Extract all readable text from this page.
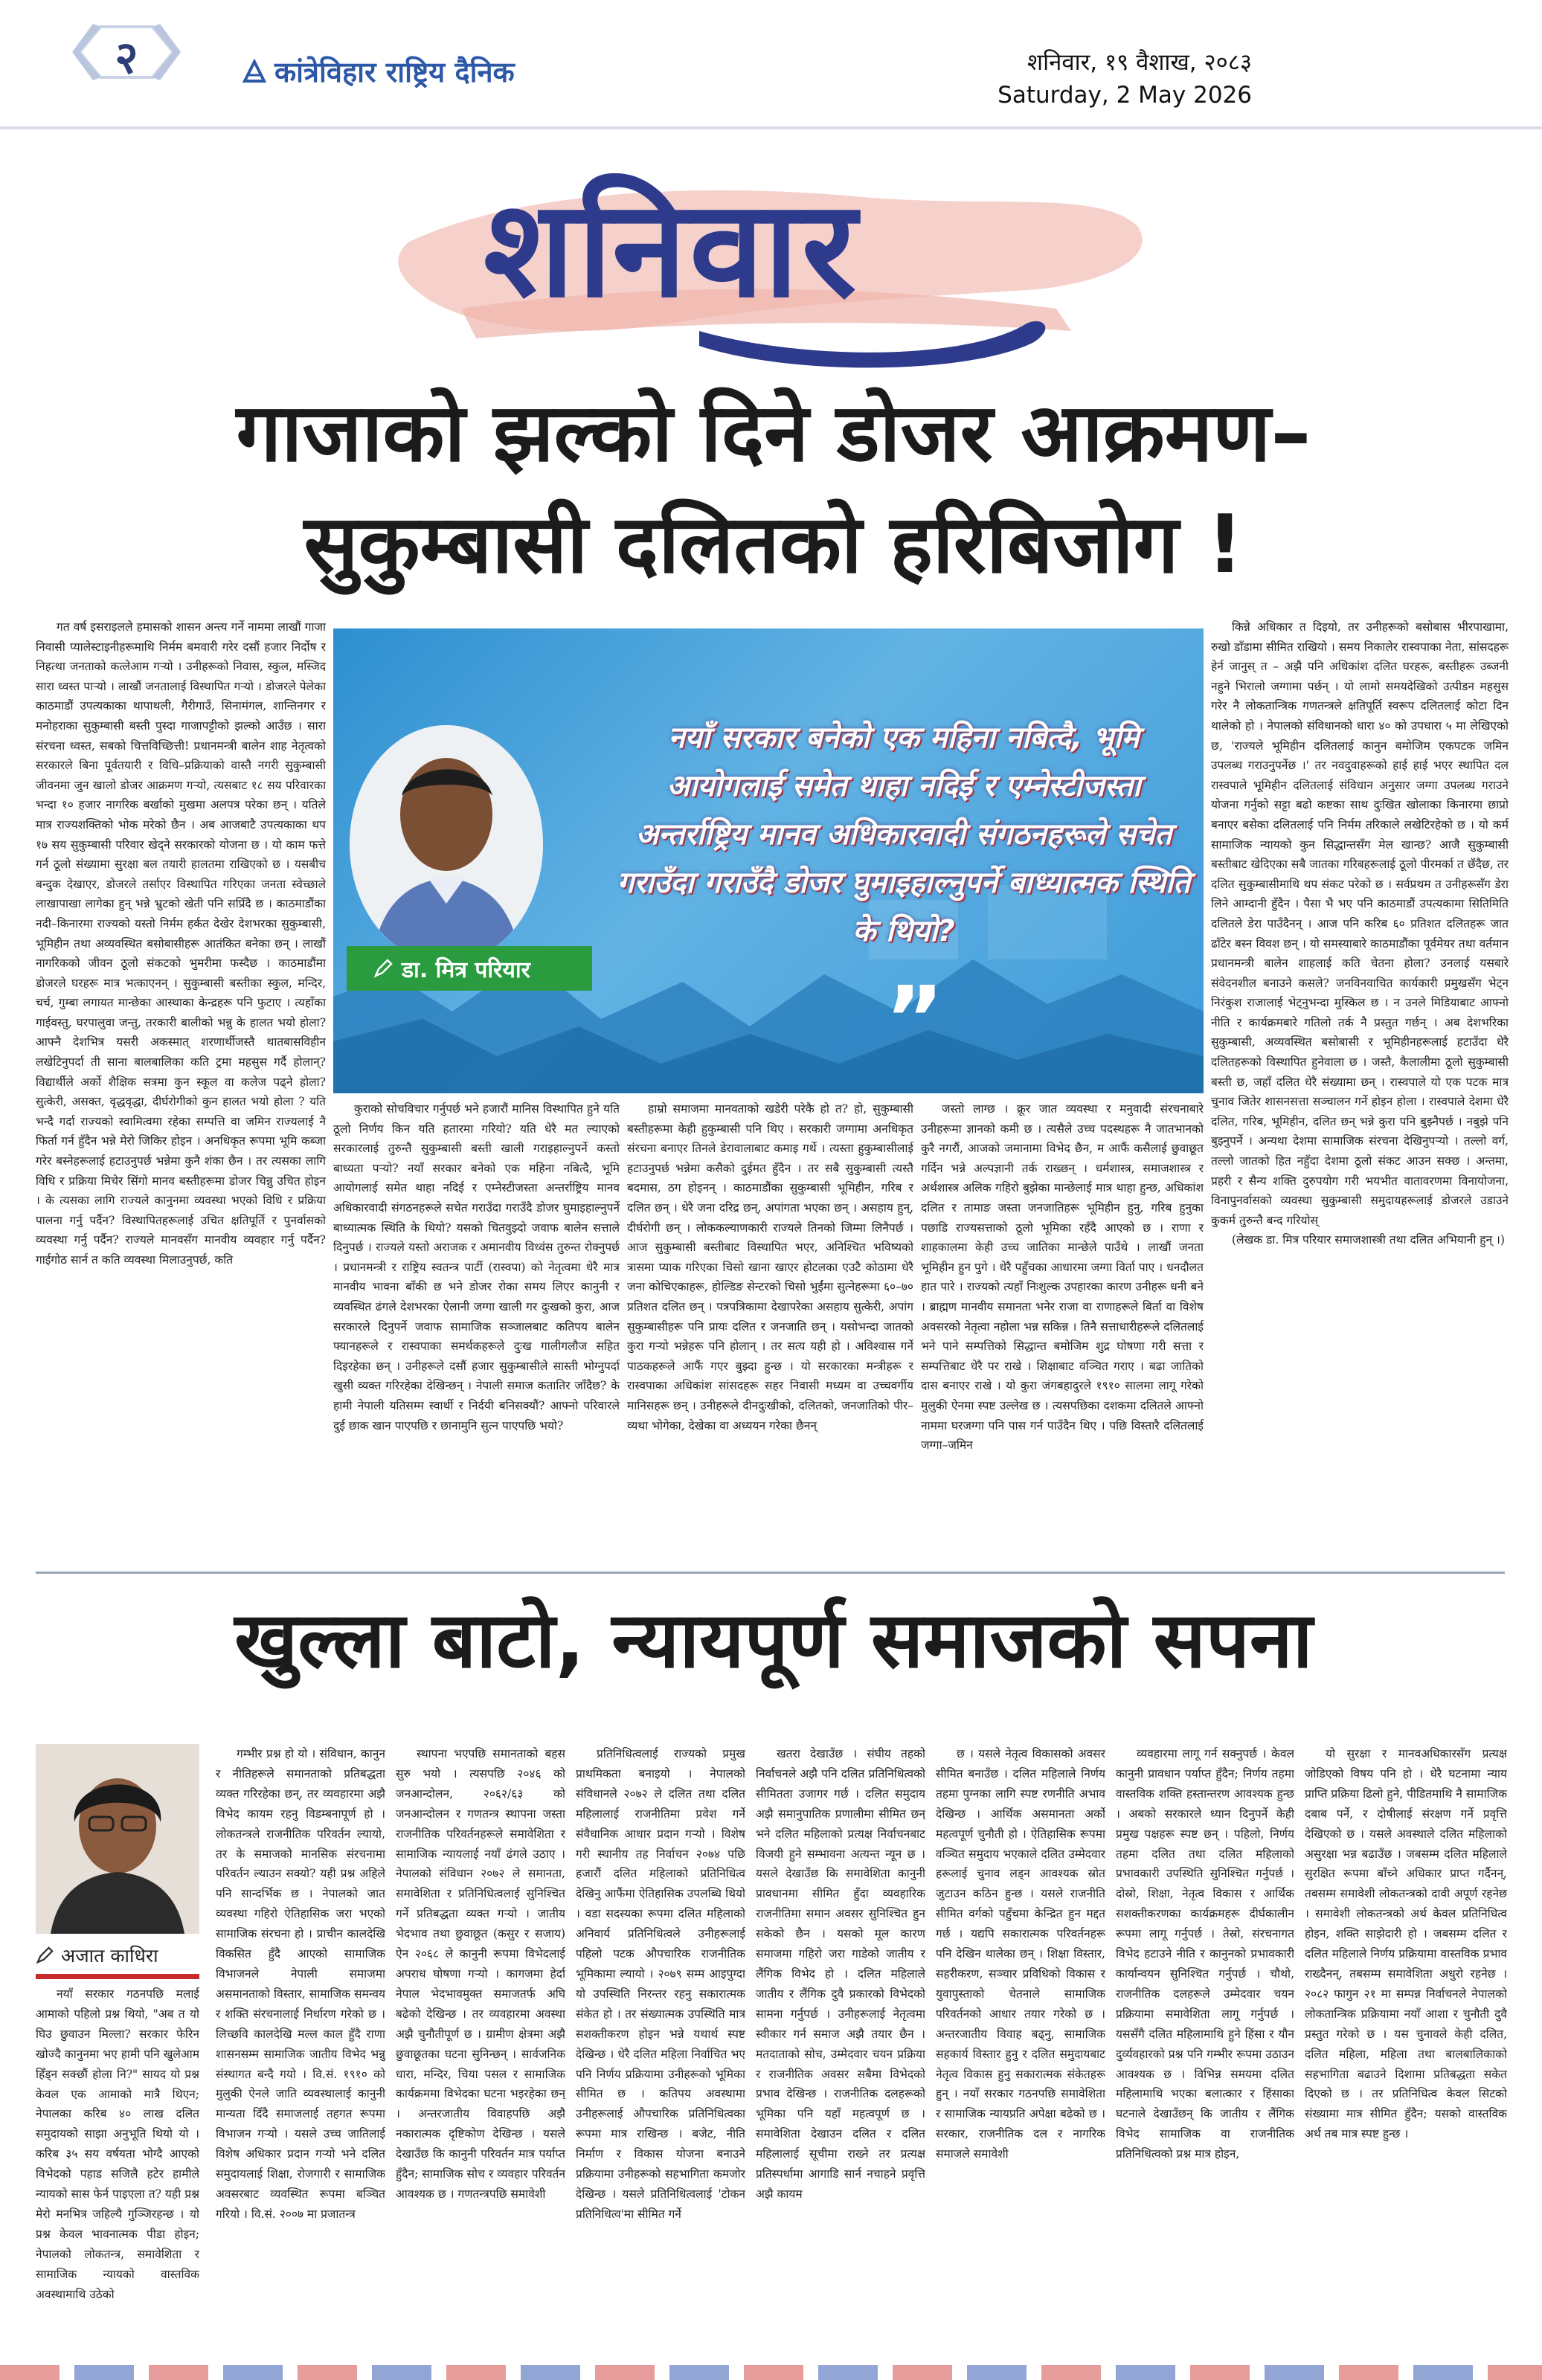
२	कांत्रेविहार राष्ट्रिय दैनिक	शनिवार, १९ वैशाख, २०८३
Saturday, 2 May 2026
शनिवार
गाजाको झल्को दिने डोजर आक्रमण–
सुकुम्बासी दलितको हरिबिजोग !

गत वर्ष इसराइलले हमासको शासन अन्त्य गर्ने नाममा लाखौं गाजा निवासी प्यालेस्टाइनीहरूमाथि निर्मम बमवारी गरेर दसौं हजार निर्दोष र निहत्था जनताको कत्लेआम गर्‍यो । उनीहरूको निवास, स्कुल, मस्जिद सारा ध्वस्त पार्‍यो । लाखौं जनतालाई विस्थापित गर्‍यो । डोजरले पेलेका काठमाडौं उपत्यकाका थापाथली, गैरीगाउँ, सिनामंगल, शान्तिनगर र मनोहराका सुकुम्बासी बस्ती पुस्दा गाजापट्टीको झल्को आउँछ । सारा संरचना ध्वस्त, सबको चित्तविच्छित्ती! प्रधानमन्त्री बालेन शाह नेतृत्वको सरकारले बिना पूर्वतयारी र विधि–प्रक्रियाको वास्तै नगरी सुकुम्बासी जीवनमा जुन खालो डोजर आक्रमण गर्‍यो, त्यसबाट १८ सय परिवारका भन्दा १० हजार नागरिक बर्खाको मुखमा अलपत्र परेका छन् । यतिले मात्र राज्यशक्तिको भोक मरेको छैन । अब आजबाटै उपत्यकाका थप १७ सय सुकुम्बासी परिवार खेद्ने सरकारको योजना छ । यो काम फत्ते गर्न ठूलो संख्यामा सुरक्षा बल तयारी हालतमा राखिएको छ । यसबीच बन्दुक देखाएर, डोजरले तर्साएर विस्थापित गरिएका जनता स्वेच्छाले लाखापाखा लागेका हुन् भन्ने भ्रुटको खेती पनि सप्रिँदै छ । काठमाडौंका नदी–किनारमा राज्यको यस्तो निर्मम हर्कत देखेर देशभरका सुकुम्बासी, भूमिहीन तथा अव्यवस्थित बसोबासीहरू आतंकित बनेका छन् । लाखौं नागरिकको जीवन ठूलो संकटको भुमरीमा फस्दैछ । काठमाडौंमा डोजरले घरहरू मात्र भत्काएनन् । सुकुम्बासी बस्तीका स्कुल, मन्दिर, चर्च, गुम्बा लगायत मान्छेका आस्थाका केन्द्रहरू पनि फुटाए । त्यहाँका गाईवस्तु, घरपालुवा जन्तु, तरकारी बालीको भन्नु के हालत भयो होला? आफ्नै देशभित्र यसरी अकस्मात् शरणार्थीजस्तै थातबासविहीन लखेटिनुपर्दा ती साना बालबालिका कति ट्रमा महसुस गर्दै होलान्? विद्यार्थीले अर्को शैक्षिक सत्रमा कुन स्कूल वा कलेज पढ्ने होला? सुत्केरी, असक्त, वृद्धवृद्धा, दीर्घरोगीको कुन हालत भयो होला ? यति भन्दै गर्दा राज्यको स्वामित्वमा रहेका सम्पत्ति वा जमिन राज्यलाई नै फिर्ता गर्न हुँदैन भन्ने मेरो जिकिर होइन । अनधिकृत रूपमा भूमि कब्जा गरेर बस्नेहरूलाई हटाउनुपर्छ भन्नेमा कुनै शंका छैन । तर त्यसका लागि विधि र प्रक्रिया मिचेर सिंगो मानव बस्तीहरूमा डोजर चिन्नु उचित होइन । के त्यसका लागि राज्यले कानुनमा व्यवस्था भएको विधि र प्रक्रिया पालना गर्नु पर्दैन? विस्थापितहरूलाई उचित क्षतिपूर्ति र पुनर्वासको व्यवस्था गर्नु पर्दैन? राज्यले मानवसँग मानवीय व्यवहार गर्नु पर्दैन? गाईगोठ सार्न त कति व्यवस्था मिलाउनुपर्छ, कति

कुराको सोचविचार गर्नुपर्छ भने हजारौं मानिस विस्थापित हुने यति ठूलो निर्णय किन यति हतारमा गरियो? यति धेरै मत ल्याएको सरकारलाई तुरुन्तै सुकुम्बासी बस्ती खाली गराइहाल्नुपर्ने कस्तो बाध्यता पर्‍यो? नयाँ सरकार बनेको एक महिना नबित्दै, भूमि आयोगलाई समेत थाहा नदिई र एम्नेस्टीजस्ता अन्तर्राष्ट्रिय मानव अधिकारवादी संगठनहरूले सचेत गराउँदा गराउँदै डोजर घुमाइहाल्नुपर्ने बाध्यात्मक स्थिति के थियो? यसको चितवुझ्दो जवाफ बालेन सत्ताले दिनुपर्छ । राज्यले यस्तो अराजक र अमानवीय विध्वंस तुरुन्त रोक्नुपर्छ । प्रधानमन्त्री र राष्ट्रिय स्वतन्त्र पार्टी (रास्वपा) को नेतृत्वमा धेरै मात्र मानवीय भावना बाँकी छ भने डोजर रोका समय लिएर कानुनी र व्यवस्थित ढंगले देशभरका ऐलानी जग्गा खाली गर दुःखको कुरा, आज सरकारले दिनुपर्ने जवाफ सामाजिक सञ्जालबाट कतिपय बालेन फ्यानहरूले र रास्वपाका समर्थकहरूले दुःख गालीगलौज सहित दिइरहेका छन् । उनीहरूले दसौं हजार सुकुम्बासीले सास्ती भोग्नुपर्दा खुसी व्यक्त गरिरहेका देखिन्छन् । नेपाली समाज कतातिर जाँदैछ? के हामी नेपाली यतिसम्म स्वार्थी र निर्दयी बनिसक्यौं? आफ्नो परिवारले दुई छाक खान पाएपछि र छानामुनि सुत्न पाएपछि भयो?

हाम्रो समाजमा मानवताको खडेरी परेकै हो त? हो, सुकुम्बासी बस्तीहरूमा केही हुकुम्बासी पनि थिए । सरकारी जग्गामा अनधिकृत संरचना बनाएर तिनले डेरावालाबाट कमाइ गर्थे । त्यस्ता हुकुम्बासीलाई हटाउनुपर्छ भन्नेमा कसैको दुईमत हुँदैन । तर सबै सुकुम्बासी त्यस्तै बदमास, ठग होइनन् । काठमाडौंका सुकुम्बासी भूमिहीन, गरिब र दलित छन् । धेरै जना दरिद्र छन्, अपांगता भएका छन् । असहाय हुन्, दीर्घरोगी छन् । लोककल्याणकारी राज्यले तिनको जिम्मा लिनैपर्छ । आज सुकुम्बासी बस्तीबाट विस्थापित भएर, अनिश्चित भविष्यको त्रासमा प्याक गरिएका चिसो खाना खाएर होटलका एउटै कोठामा धेरै जना कोचिएकाहरू, होल्डिङ सेन्टरको चिसो भुईंमा सुत्नेहरूमा ६०–७० प्रतिशत दलित छन् । पत्रपत्रिकामा देखापरेका असहाय सुत्केरी, अपांग सुकुम्बासीहरू पनि प्रायः दलित र जनजाति छन् । यसोभन्दा जातको कुरा गर्‍यो भन्नेहरू पनि होलान् । तर सत्य यही हो । अविश्वास गर्ने पाठकहरूले आफैं गएर बुझ्दा हुन्छ । यो सरकारका मन्त्रीहरू र रास्वपाका अधिकांश सांसदहरू सहर निवासी मध्यम वा उच्चवर्गीय मानिसहरू छन् । उनीहरूले दीनदुःखीको, दलितको, जनजातिको पीर–व्यथा भोगेका, देखेका वा अध्ययन गरेका छैनन्

जस्तो लाग्छ । क्रूर जात व्यवस्था र मनुवादी संरचनाबारे उनीहरूमा ज्ञानको कमी छ । त्यसैले उच्च पदस्थहरू नै जातभानको कुरै नगरौं, आजको जमानामा विभेद छैन, म आफैं कसैलाई छुवाछूत गर्दिन भन्ने अल्पज्ञानी तर्क राख्छन् । धर्मशास्त्र, समाजशास्त्र र अर्थशास्त्र अलिक गहिरो बुझेका मान्छेलाई मात्र थाहा हुन्छ, अधिकांश दलित र तामाङ जस्ता जनजातिहरू भूमिहीन हुनु, गरिब हुनुका पछाडि राज्यसत्ताको ठूलो भूमिका रहँदै आएको छ । राणा र शाहकालमा केही उच्च जातिका मान्छेले पाउँथे । लाखौं जनता भूमिहीन हुन पुगे । धेरै पहुँचका आधारमा जग्गा विर्ता पाए । धनदौलत हात पारे । राज्यको त्यहाँ निःशुल्क उपहारका कारण उनीहरू धनी बने । ब्राह्मण मानवीय समानता भनेर राजा वा राणाहरूले बिर्ता वा विशेष अवसरको नेतृत्वा नहोला भन्न सकिन्न । तिनै सत्ताधारीहरूले दलितलाई भने पाने सम्पत्तिको सिद्धान्त बमोजिम शुद्र घोषणा गरी सत्ता र सम्पत्तिबाट धेरै पर राखे । शिक्षाबाट वञ्चित गराए । बढा जातिको दास बनाएर राखे । यो कुरा जंगबहादुरले १९१० सालमा लागू गरेको मुलुकी ऐनमा स्पष्ट उल्लेख छ । त्यसपछिका दशकमा दलितले आफ्नो नाममा घरजग्गा पनि पास गर्न पाउँदैन थिए । पछि विस्तारै दलितलाई जग्गा–जमिन

किन्ने अधिकार त दिइयो, तर उनीहरूको बसोबास भीरपाखामा, रुखो डाँडामा सीमित राखियो । समय निकालेर रास्वपाका नेता, सांसदहरू हेर्न जानुस् त – अझै पनि अधिकांश दलित घरहरू, बस्तीहरू उब्जनी नहुने भिरालो जग्गामा पर्छन् । यो लामो समयदेखिको उत्पीडन महसुस गरेर नै लोकतान्त्रिक गणतन्त्रले क्षतिपूर्ति स्वरूप दलितलाई कोटा दिन थालेको हो । नेपालको संविधानको धारा ४० को उपधारा ५ मा लेखिएको छ, 'राज्यले भूमिहीन दलितलाई कानुन बमोजिम एकपटक जमिन उपलब्ध गराउनुपर्नेछ ।' तर नवदुवाहरूको हाई हाई भएर स्थापित दल रास्वपाले भूमिहीन दलितलाई संविधान अनुसार जग्गा उपलब्ध गराउने योजना गर्नुको सट्टा बढो कष्टका साथ दुःखित खोलाका किनारमा छाप्रो बनाएर बसेका दलितलाई पनि निर्मम तरिकाले लखेटिरहेको छ । यो कर्म सामाजिक न्यायको कुन सिद्धान्तसँग मेल खान्छ? आजै सुकुम्बासी बस्तीबाट खेदिएका सबै जातका गरिबहरूलाई ठूलो पीरमर्का त छँदैछ, तर दलित सुकुम्बासीमाथि थप संकट परेको छ । सर्वप्रथम त उनीहरूसँग डेरा लिने आम्दानी हुँदैन । पैसा भै भए पनि काठमाडौं उपत्यकामा सितिमिति दलितले डेरा पाउँदैनन् । आज पनि करिब ६० प्रतिशत दलितहरू जात ढाँटेर बस्न विवश छन् । यो समस्याबारे काठमाडौंका पूर्वमेयर तथा वर्तमान प्रधानमन्त्री बालेन शाहलाई कति चेतना होला? उनलाई यसबारे संवेदनशील बनाउने कसले? जनविनवाचित कार्यकारी प्रमुखसँग भेट्न निरंकुश राजालाई भेट्नुभन्दा मुस्किल छ । न उनले मिडियाबाट आफ्नो नीति र कार्यक्रमबारे गतिलो तर्क नै प्रस्तुत गर्छन् । अब देशभरिका सुकुम्बासी, अव्यवस्थित बसोबासी र भूमिहीनहरूलाई हटाउँदा धेरै दलितहरूको विस्थापित हुनेवाला छ । जस्तै, कैलालीमा ठूलो सुकुम्बासी बस्ती छ, जहाँ दलित धेरै संख्यामा छन् । रास्वपाले यो एक पटक मात्र चुनाव जितेर शासनसत्ता सञ्चालन गर्ने होइन होला । रास्वपाले देशमा धेरै दलित, गरिब, भूमिहीन, दलित छन् भन्ने कुरा पनि बुझ्नैपर्छ । नबुझे पनि बुझ्नुपर्ने । अन्यथा देशमा सामाजिक संरचना देखिनुपर्‍यो । तल्लो वर्ग, तल्लो जातको हित नहुँदा देशमा ठूलो संकट आउन सक्छ । अन्तमा, प्रहरी र सैन्य शक्ति दुरुपयोग गरी भयभीत वातावरणमा विनायोजना, विनापुनर्वासको व्यवस्था सुकुम्बासी समुदायहरूलाई डोजरले उडाउने कुकर्म तुरुन्तै बन्द गरियोस्

(लेखक डा. मित्र परियार समाजशास्त्री तथा दलित अभियानी हुन् ।)

डा. मित्र परियार
नयाँ सरकार बनेको एक महिना नबित्दै, भूमि आयोगलाई समेत थाहा नदिई र एम्नेस्टीजस्ता अन्तर्राष्ट्रिय मानव अधिकारवादी संगठनहरूले सचेत गराउँदा गराउँदै डोजर घुमाइहाल्नुपर्ने बाध्यात्मक स्थिति के थियो?
”
खुल्ला बाटो, न्यायपूर्ण समाजको सपना
अजात काधिरा

नयाँ सरकार गठनपछि मलाई आमाको पहिलो प्रश्न थियो, "अब त यो घिउ छुवाउन मिल्ला? सरकार फेरिन खोज्दै कानुनमा भए हामी पनि खुलेआम हिँड्न सक्छौं होला नि?" सायद यो प्रश्न केवल एक आमाको मात्रै थिएन; नेपालका करिब ४० लाख दलित समुदायको साझा अनुभूति थियो यो । करिब ३५ सय वर्षयता भोग्दै आएको विभेदको पहाड सजिलै हटेर हामीले न्यायको सास फेर्न पाइएला त? यही प्रश्न मेरो मनभित्र जहिल्यै गुञ्जिरहन्छ । यो प्रश्न केवल भावनात्मक पीडा होइन; नेपालको लोकतन्त्र, समावेशिता र सामाजिक न्यायको वास्तविक अवस्थामाथि उठेको

गम्भीर प्रश्न हो यो । संविधान, कानुन र नीतिहरूले समानताको प्रतिबद्धता व्यक्त गरिरहेका छन्, तर व्यवहारमा अझै विभेद कायम रहनु विडम्बनापूर्ण हो । लोकतन्त्रले राजनीतिक परिवर्तन ल्यायो, तर के समाजको मानसिक संरचनामा परिवर्तन ल्याउन सक्यो? यही प्रश्न अहिले पनि सान्दर्भिक छ । नेपालको जात व्यवस्था गहिरो ऐतिहासिक जरा भएको सामाजिक संरचना हो । प्राचीन कालदेखि विकसित हुँदै आएको सामाजिक विभाजनले नेपाली समाजमा असमानताको विस्तार, सामाजिक समन्वय र शक्ति संरचनालाई निर्धारण गरेको छ । लिच्छवि कालदेखि मल्ल काल हुँदै राणा शासनसम्म सामाजिक जातीय विभेद भन्नु संस्थागत बन्दै गयो । वि.सं. १९१० को मुलुकी ऐनले जाति व्यवस्थालाई कानुनी मान्यता दिँदै समाजलाई तहगत रूपमा विभाजन गर्‍यो । यसले उच्च जातिलाई विशेष अधिकार प्रदान गर्‍यो भने दलित समुदायलाई शिक्षा, रोजगारी र सामाजिक अवसरबाट व्यवस्थित रूपमा बञ्चित गरियो । वि.सं. २००७ मा प्रजातन्त्र

स्थापना भएपछि समानताको बहस सुरु भयो । त्यसपछि २०४६ को जनआन्दोलन, २०६२/६३ को जनआन्दोलन र गणतन्त्र स्थापना जस्ता राजनीतिक परिवर्तनहरूले समावेशिता र सामाजिक न्यायलाई नयाँ ढंगले उठाए । नेपालको संविधान २०७२ ले समानता, समावेशिता र प्रतिनिधित्वलाई सुनिश्चित गर्ने प्रतिबद्धता व्यक्त गर्‍यो । जातीय भेदभाव तथा छुवाछूत (कसुर र सजाय) ऐन २०६८ ले कानुनी रूपमा विभेदलाई अपराध घोषणा गर्‍यो । कागजमा हेर्दा नेपाल भेदभावमुक्त समाजतर्फ अघि बढेको देखिन्छ । तर व्यवहारमा अवस्था अझै चुनौतीपूर्ण छ । ग्रामीण क्षेत्रमा अझै छुवाछूतका घटना सुनिन्छन् । सार्वजनिक धारा, मन्दिर, चिया पसल र सामाजिक कार्यक्रममा विभेदका घटना भइरहेका छन् । अन्तरजातीय विवाहपछि अझै नकारात्मक दृष्टिकोण देखिन्छ । यसले देखाउँछ कि कानुनी परिवर्तन मात्र पर्याप्त हुँदैन; सामाजिक सोच र व्यवहार परिवर्तन आवश्यक छ । गणतन्त्रपछि समावेशी

प्रतिनिधित्वलाई राज्यको प्रमुख प्राथमिकता बनाइयो । नेपालको संविधानले २०७२ ले दलित तथा दलित महिलालाई राजनीतिमा प्रवेश गर्ने संवैधानिक आधार प्रदान गर्‍यो । विशेष गरी स्थानीय तह निर्वाचन २०७४ पछि हजारौं दलित महिलाको प्रतिनिधित्व देखिनु आफैंमा ऐतिहासिक उपलब्धि थियो । वडा सदस्यका रूपमा दलित महिलाको अनिवार्य प्रतिनिधित्वले उनीहरूलाई पहिलो पटक औपचारिक राजनीतिक भूमिकामा ल्यायो । २०७९ सम्म आइपुग्दा यो उपस्थिति निरन्तर रहनु सकारात्मक संकेत हो । तर संख्यात्मक उपस्थिति मात्र सशक्तीकरण होइन भन्ने यथार्थ स्पष्ट देखिन्छ । धेरै दलित महिला निर्वाचित भए पनि निर्णय प्रक्रियामा उनीहरूको भूमिका सीमित छ । कतिपय अवस्थामा उनीहरूलाई औपचारिक प्रतिनिधित्वका रूपमा मात्र राखिन्छ । बजेट, नीति निर्माण र विकास योजना बनाउने प्रक्रियामा उनीहरूको सहभागिता कमजोर देखिन्छ । यसले प्रतिनिधित्वलाई 'टोकन प्रतिनिधित्व'मा सीमित गर्ने

खतरा देखाउँछ । संघीय तहको निर्वाचनले अझै पनि दलित प्रतिनिधित्वको सीमितता उजागर गर्छ । दलित समुदाय अझै समानुपातिक प्रणालीमा सीमित छन् भने दलित महिलाको प्रत्यक्ष निर्वाचनबाट विजयी हुने सम्भावना अत्यन्त न्यून छ । यसले देखाउँछ कि समावेशिता कानुनी प्रावधानमा सीमित हुँदा व्यवहारिक राजनीतिमा समान अवसर सुनिश्चित हुन सकेको छैन । यसको मूल कारण समाजमा गहिरो जरा गाडेको जातीय र लैंगिक विभेद हो । दलित महिलाले जातीय र लैंगिक दुवै प्रकारको विभेदको सामना गर्नुपर्छ । उनीहरूलाई नेतृत्वमा स्वीकार गर्न समाज अझै तयार छैन । मतदाताको सोच, उम्मेदवार चयन प्रक्रिया र राजनीतिक अवसर सबैमा विभेदको प्रभाव देखिन्छ । राजनीतिक दलहरूको भूमिका पनि यहाँ महत्वपूर्ण छ । समावेशिता देखाउन दलित र दलित महिलालाई सूचीमा राख्ने तर प्रत्यक्ष प्रतिस्पर्धामा आगाडि सार्न नचाहने प्रवृत्ति अझै कायम

छ । यसले नेतृत्व विकासको अवसर सीमित बनाउँछ । दलित महिलाले निर्णय तहमा पुग्नका लागि स्पष्ट रणनीति अभाव देखिन्छ । आर्थिक असमानता अर्को महत्वपूर्ण चुनौती हो । ऐतिहासिक रूपमा वञ्चित समुदाय भएकाले दलित उम्मेदवार हरूलाई चुनाव लड्न आवश्यक स्रोत जुटाउन कठिन हुन्छ । यसले राजनीति सीमित वर्गको पहुँचमा केन्द्रित हुन मद्दत गर्छ । यद्यपि सकारात्मक परिवर्तनहरू पनि देखिन थालेका छन् । शिक्षा विस्तार, सहरीकरण, सञ्चार प्रविधिको विकास र युवापुस्ताको चेतनाले सामाजिक परिवर्तनको आधार तयार गरेको छ । अन्तरजातीय विवाह बढ्नु, सामाजिक सहकार्य विस्तार हुनु र दलित समुदायबाट नेतृत्व विकास हुनु सकारात्मक संकेतहरू हुन् । नयाँ सरकार गठनपछि समावेशिता र सामाजिक न्यायप्रति अपेक्षा बढेको छ । सरकार, राजनीतिक दल र नागरिक समाजले समावेशी

व्यवहारमा लागू गर्न सक्नुपर्छ । केवल कानुनी प्रावधान पर्याप्त हुँदैन; निर्णय तहमा वास्तविक शक्ति हस्तान्तरण आवश्यक हुन्छ । अबको सरकारले ध्यान दिनुपर्ने केही प्रमुख पक्षहरू स्पष्ट छन् । पहिलो, निर्णय तहमा दलित तथा दलित महिलाको प्रभावकारी उपस्थिति सुनिश्चित गर्नुपर्छ । दोस्रो, शिक्षा, नेतृत्व विकास र आर्थिक सशक्तीकरणका कार्यक्रमहरू दीर्घकालीन रूपमा लागू गर्नुपर्छ । तेस्रो, संरचनागत विभेद हटाउने नीति र कानुनको प्रभावकारी कार्यान्वयन सुनिश्चित गर्नुपर्छ । चौथो, राजनीतिक दलहरूले उम्मेदवार चयन प्रक्रियामा समावेशिता लागू गर्नुपर्छ । यससँगै दलित महिलामाथि हुने हिंसा र यौन दुर्व्यवहारको प्रश्न पनि गम्भीर रूपमा उठाउन आवश्यक छ । विभिन्न समयमा दलित महिलामाथि भएका बलात्कार र हिंसाका घटनाले देखाउँछन् कि जातीय र लैंगिक विभेद सामाजिक वा राजनीतिक प्रतिनिधित्वको प्रश्न मात्र होइन,

यो सुरक्षा र मानवअधिकारसँग प्रत्यक्ष जोडिएको विषय पनि हो । धेरै घटनामा न्याय प्राप्ति प्रक्रिया ढिलो हुने, पीडितमाथि नै सामाजिक दबाब पर्ने, र दोषीलाई संरक्षण गर्ने प्रवृत्ति देखिएको छ । यसले अवस्थाले दलित महिलाको असुरक्षा भन्न बढाउँछ । जबसम्म दलित महिलाले सुरक्षित रूपमा बाँच्ने अधिकार प्राप्त गर्दैनन्, तबसम्म समावेशी लोकतन्त्रको दावी अपूर्ण रहनेछ । समावेशी लोकतन्त्रको अर्थ केवल प्रतिनिधित्व होइन, शक्ति साझेदारी हो । जबसम्म दलित र दलित महिलाले निर्णय प्रक्रियामा वास्तविक प्रभाव राख्दैनन्, तबसम्म समावेशिता अधुरो रहनेछ । २०८२ फागुन २१ मा सम्पन्न निर्वाचनले नेपालको लोकतान्त्रिक प्रक्रियामा नयाँ आशा र चुनौती दुवै प्रस्तुत गरेको छ । यस चुनावले केही दलित, दलित महिला, महिला तथा बालबालिकाको सहभागिता बढाउने दिशामा प्रतिबद्धता सकेत दिएको छ । तर प्रतिनिधित्व केवल सिटको संख्यामा मात्र सीमित हुँदैन; यसको वास्तविक अर्थ तब मात्र स्पष्ट हुन्छ ।
